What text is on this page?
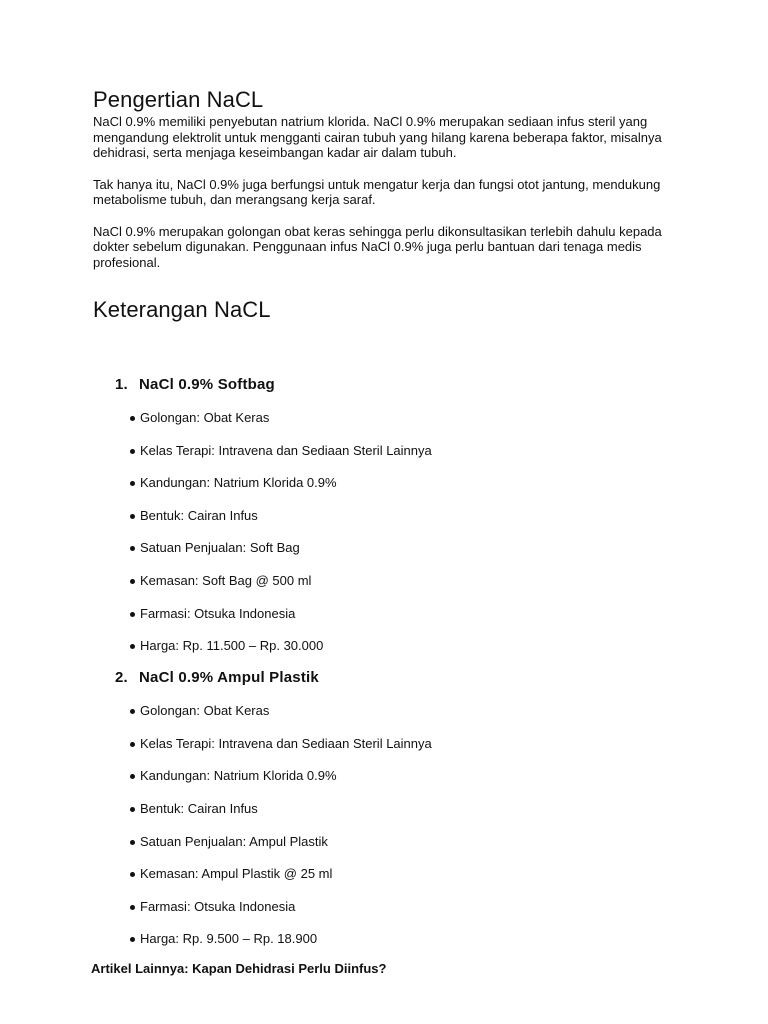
Pengertian NaCL

NaCl 0.9% memiliki penyebutan natrium klorida. NaCl 0.9% merupakan sediaan infus steril yang mengandung elektrolit untuk mengganti cairan tubuh yang hilang karena beberapa faktor, misalnya dehidrasi, serta menjaga keseimbangan kadar air dalam tubuh.

Tak hanya itu, NaCl 0.9% juga berfungsi untuk mengatur kerja dan fungsi otot jantung, mendukung metabolisme tubuh, dan merangsang kerja saraf.

NaCl 0.9% merupakan golongan obat keras sehingga perlu dikonsultasikan terlebih dahulu kepada dokter sebelum digunakan. Penggunaan infus NaCl 0.9% juga perlu bantuan dari tenaga medis profesional.

Keterangan NaCL
1. NaCl 0.9% Softbag
Golongan: Obat Keras
Kelas Terapi: Intravena dan Sediaan Steril Lainnya
Kandungan: Natrium Klorida 0.9%
Bentuk: Cairan Infus
Satuan Penjualan: Soft Bag
Kemasan: Soft Bag @ 500 ml
Farmasi: Otsuka Indonesia
Harga: Rp. 11.500 – Rp. 30.000
2. NaCl 0.9% Ampul Plastik
Golongan: Obat Keras
Kelas Terapi: Intravena dan Sediaan Steril Lainnya
Kandungan: Natrium Klorida 0.9%
Bentuk: Cairan Infus
Satuan Penjualan: Ampul Plastik
Kemasan: Ampul Plastik @ 25 ml
Farmasi: Otsuka Indonesia
Harga: Rp. 9.500 – Rp. 18.900
Artikel Lainnya: Kapan Dehidrasi Perlu Diinfus?
